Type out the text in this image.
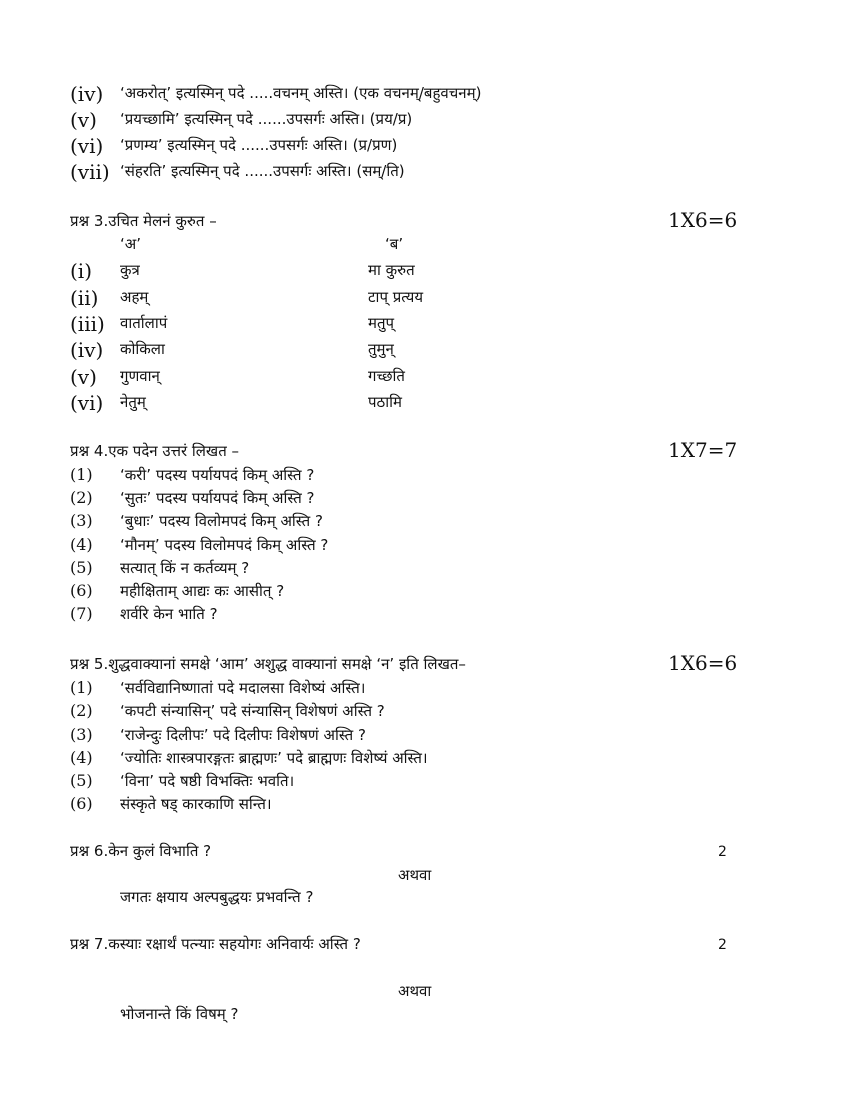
(iv) ‘अकरोत्’ इत्यस्मिन् पदे .....वचनम् अस्ति। (एक वचनम्/बहुवचनम्)
(v) ‘प्रयच्छामि’ इत्यस्मिन् पदे ......उपसर्गः अस्ति। (प्रय/प्र)
(vi) ‘प्रणम्य’ इत्यस्मिन् पदे ......उपसर्गः अस्ति। (प्र/प्रण)
(vii) ‘संहरति’ इत्यस्मिन् पदे ......उपसर्गः अस्ति। (सम्/ति)
प्रश्न 3.उचित मेलनं कुरुत –	1X6=6
‘अ’	‘ब’
(i) कुत्र	मा कुरुत
(ii) अहम्	टाप् प्रत्यय
(iii) वार्तालापं	मतुप्
(iv) कोकिला	तुमुन्
(v) गुणवान्	गच्छति
(vi) नेतुम्	पठामि
प्रश्न 4.एक पदेन उत्तरं लिखत –	1X7=7
(1) ‘करी’ पदस्य पर्यायपदं किम् अस्ति ?
(2) ‘सुतः’ पदस्य पर्यायपदं किम् अस्ति ?
(3) ‘बुधाः’ पदस्य विलोमपदं किम् अस्ति ?
(4) ‘मौनम्’ पदस्य विलोमपदं किम् अस्ति ?
(5) सत्यात् किं न कर्तव्यम् ?
(6) महीक्षिताम् आद्यः कः आसीत् ?
(7) शर्वरि केन भाति ?
प्रश्न 5.शुद्धवाक्यानां समक्षे ‘आम’ अशुद्ध वाक्यानां समक्षे ‘न’ इति लिखत–	1X6=6
(1) ‘सर्वविद्यानिष्णातां पदे मदालसा विशेष्यं अस्ति।
(2) ‘कपटी संन्यासिन्’ पदे संन्यासिन् विशेषणं अस्ति ?
(3) ‘राजेन्दुः दिलीपः’ पदे दिलीपः विशेषणं अस्ति ?
(4) ‘ज्योतिः शास्त्रपारङ्गतः ब्राह्मणः’ पदे ब्राह्मणः विशेष्यं अस्ति।
(5) ‘विना’ पदे षष्ठी विभक्तिः भवति।
(6) संस्कृते षड् कारकाणि सन्ति।
प्रश्न 6.केन कुलं विभाति ?	2
अथवा
जगतः क्षयाय अल्पबुद्धयः प्रभवन्ति ?
प्रश्न 7.कस्याः रक्षार्थं पत्न्याः सहयोगः अनिवार्यः अस्ति ?	2
अथवा
भोजनान्ते किं विषम् ?
